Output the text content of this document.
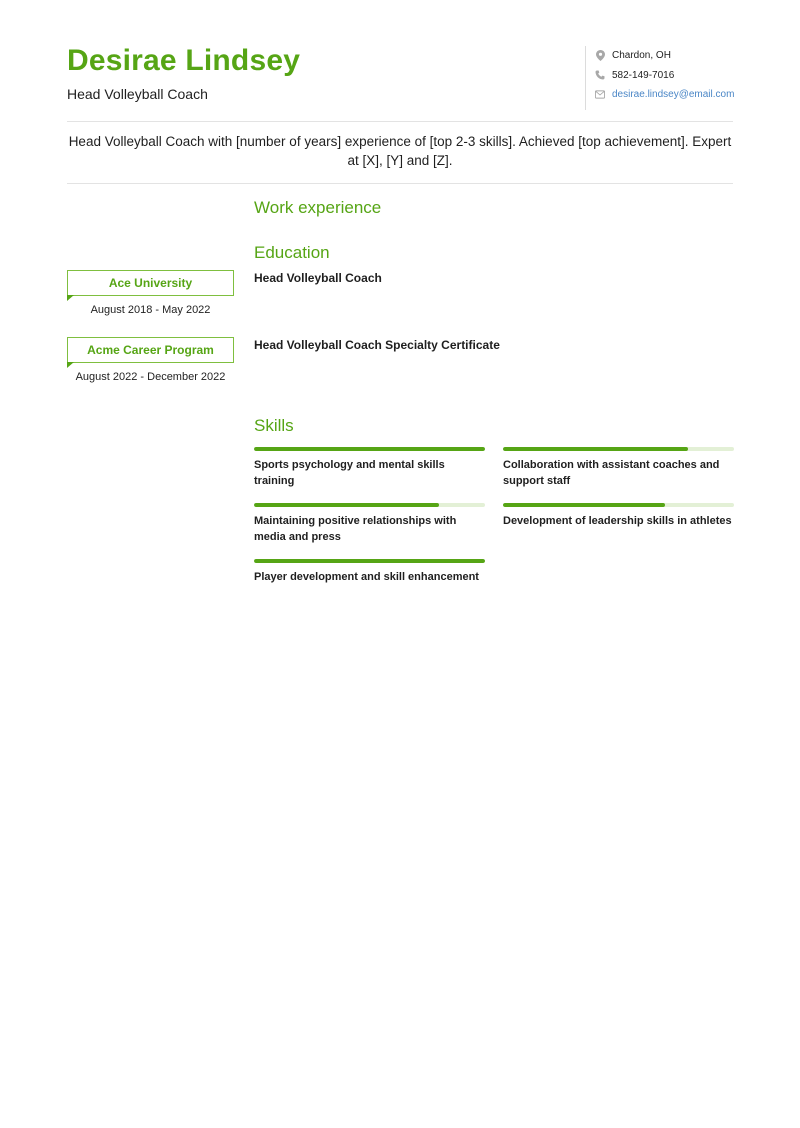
Desirae Lindsey
Head Volleyball Coach
Chardon, OH
582-149-7016
desirae.lindsey@email.com
Head Volleyball Coach with [number of years] experience of [top 2-3 skills]. Achieved [top achievement]. Expert at [X], [Y] and [Z].
Work experience
Education
Ace University
August 2018 - May 2022
Head Volleyball Coach
Acme Career Program
August 2022 - December 2022
Head Volleyball Coach Specialty Certificate
Skills
Sports psychology and mental skills training
Collaboration with assistant coaches and support staff
Maintaining positive relationships with media and press
Development of leadership skills in athletes
Player development and skill enhancement
